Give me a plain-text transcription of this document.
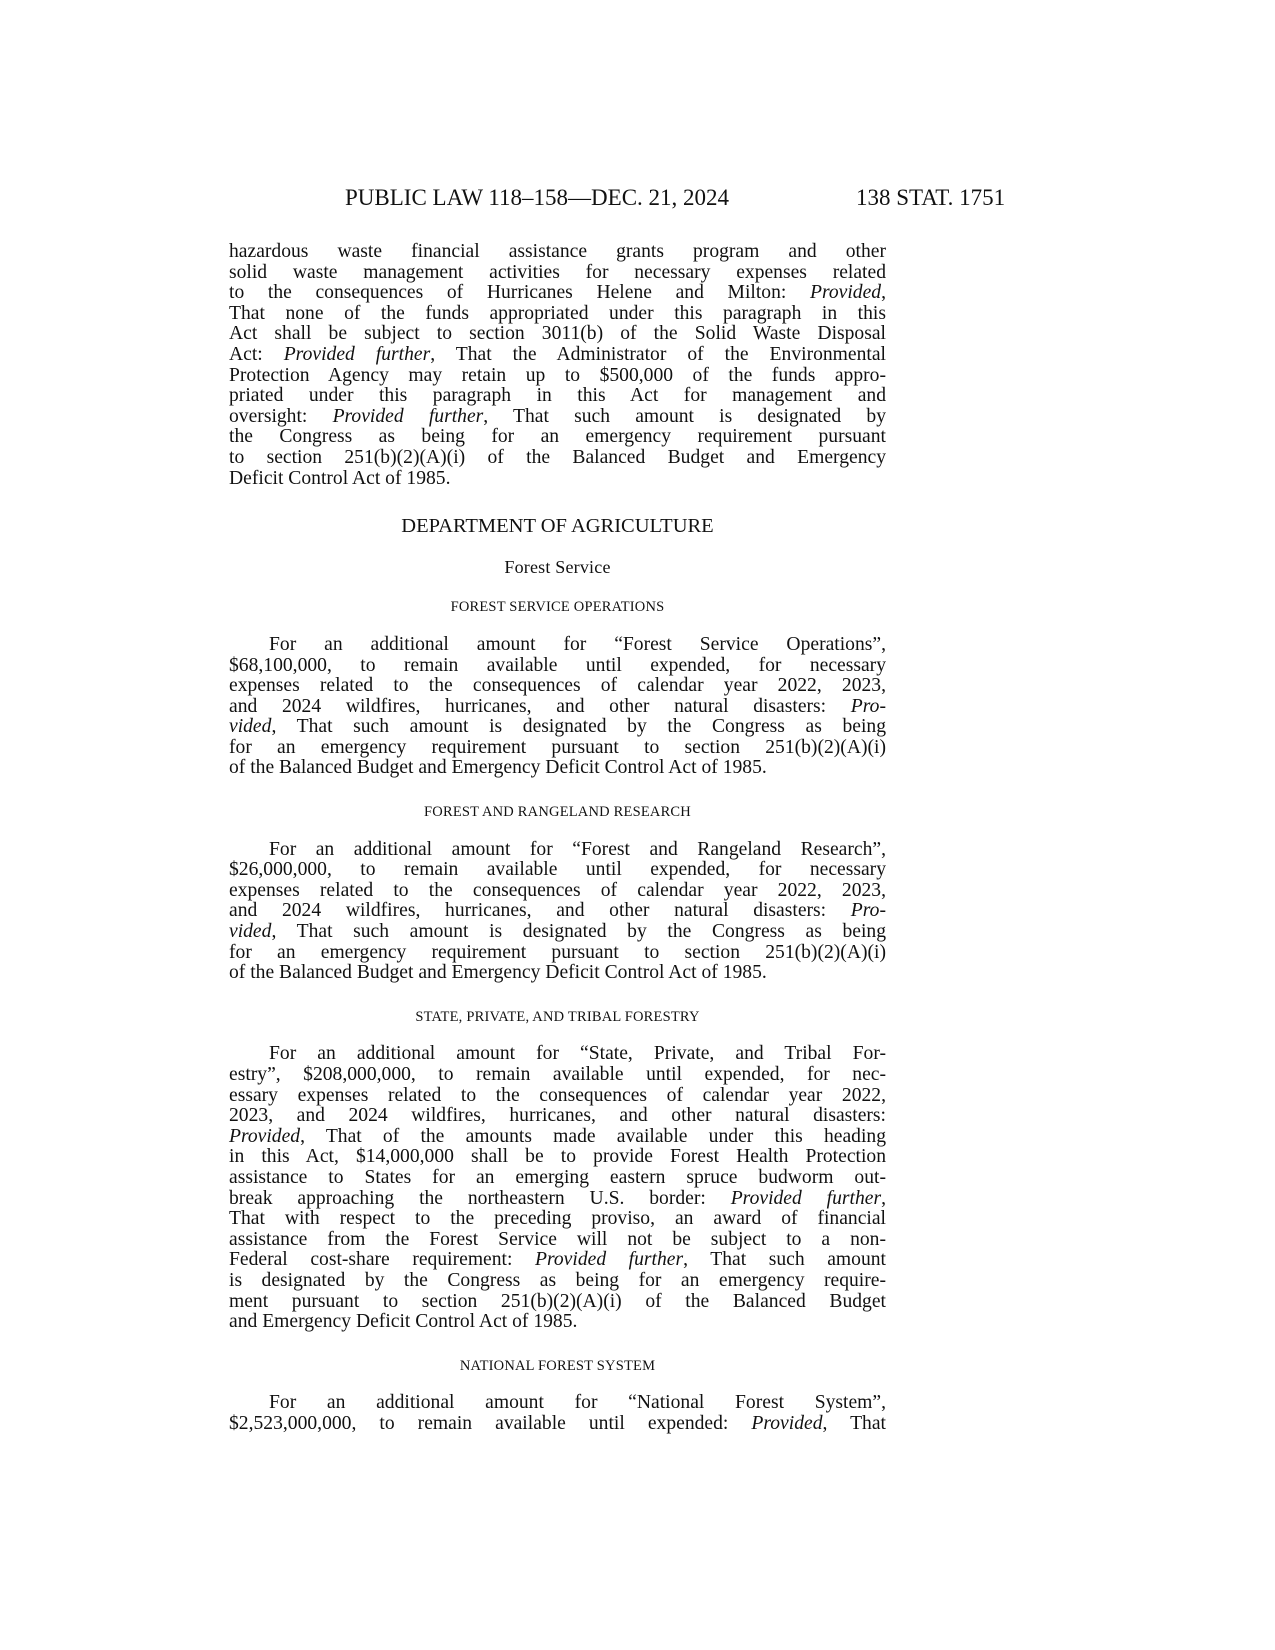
PUBLIC LAW 118–158—DEC. 21, 2024	138 STAT. 1751
hazardous waste financial assistance grants program and other
solid waste management activities for necessary expenses related
to the consequences of Hurricanes Helene and Milton: Provided,
That none of the funds appropriated under this paragraph in this
Act shall be subject to section 3011(b) of the Solid Waste Disposal
Act: Provided further, That the Administrator of the Environmental
Protection Agency may retain up to $500,000 of the funds appro-
priated under this paragraph in this Act for management and
oversight: Provided further, That such amount is designated by
the Congress as being for an emergency requirement pursuant
to section 251(b)(2)(A)(i) of the Balanced Budget and Emergency
Deficit Control Act of 1985.
DEPARTMENT OF AGRICULTURE
Forest Service
FOREST SERVICE OPERATIONS
For an additional amount for “Forest Service Operations”,
$68,100,000, to remain available until expended, for necessary
expenses related to the consequences of calendar year 2022, 2023,
and 2024 wildfires, hurricanes, and other natural disasters: Pro-
vided, That such amount is designated by the Congress as being
for an emergency requirement pursuant to section 251(b)(2)(A)(i)
of the Balanced Budget and Emergency Deficit Control Act of 1985.
FOREST AND RANGELAND RESEARCH
For an additional amount for “Forest and Rangeland Research”,
$26,000,000, to remain available until expended, for necessary
expenses related to the consequences of calendar year 2022, 2023,
and 2024 wildfires, hurricanes, and other natural disasters: Pro-
vided, That such amount is designated by the Congress as being
for an emergency requirement pursuant to section 251(b)(2)(A)(i)
of the Balanced Budget and Emergency Deficit Control Act of 1985.
STATE, PRIVATE, AND TRIBAL FORESTRY
For an additional amount for “State, Private, and Tribal For-
estry”, $208,000,000, to remain available until expended, for nec-
essary expenses related to the consequences of calendar year 2022,
2023, and 2024 wildfires, hurricanes, and other natural disasters:
Provided, That of the amounts made available under this heading
in this Act, $14,000,000 shall be to provide Forest Health Protection
assistance to States for an emerging eastern spruce budworm out-
break approaching the northeastern U.S. border: Provided further,
That with respect to the preceding proviso, an award of financial
assistance from the Forest Service will not be subject to a non-
Federal cost-share requirement: Provided further, That such amount
is designated by the Congress as being for an emergency require-
ment pursuant to section 251(b)(2)(A)(i) of the Balanced Budget
and Emergency Deficit Control Act of 1985.
NATIONAL FOREST SYSTEM
For an additional amount for “National Forest System”,
$2,523,000,000, to remain available until expended: Provided, That
